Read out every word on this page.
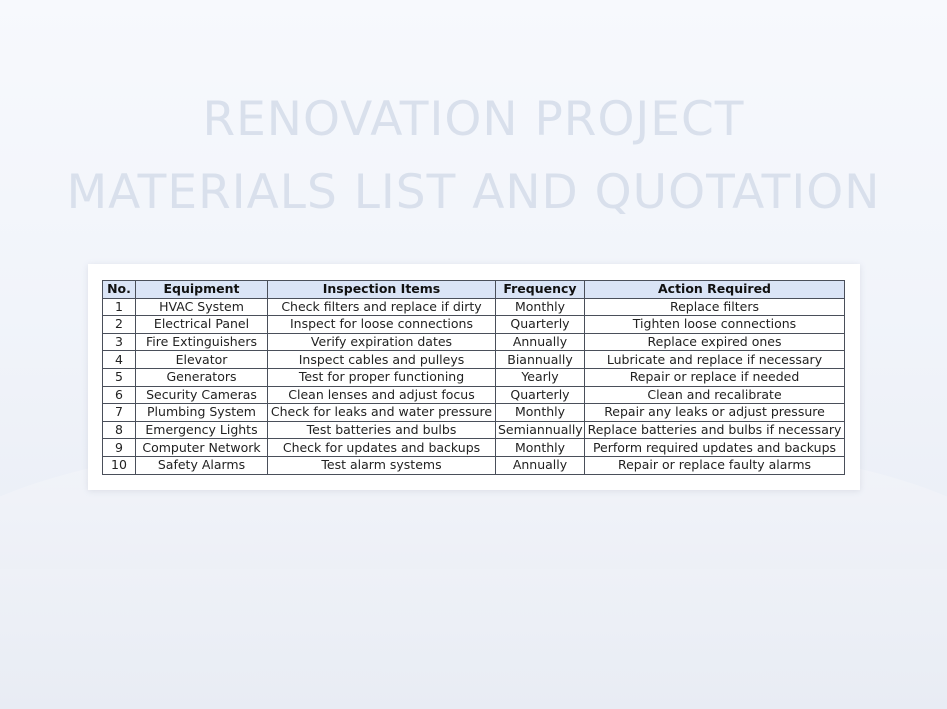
RENOVATION PROJECT
MATERIALS LIST AND QUOTATION
No.	Equipment	Inspection Items	Frequency	Action Required
1	HVAC System	Check filters and replace if dirty	Monthly	Replace filters
2	Electrical Panel	Inspect for loose connections	Quarterly	Tighten loose connections
3	Fire Extinguishers	Verify expiration dates	Annually	Replace expired ones
4	Elevator	Inspect cables and pulleys	Biannually	Lubricate and replace if necessary
5	Generators	Test for proper functioning	Yearly	Repair or replace if needed
6	Security Cameras	Clean lenses and adjust focus	Quarterly	Clean and recalibrate
7	Plumbing System	Check for leaks and water pressure	Monthly	Repair any leaks or adjust pressure
8	Emergency Lights	Test batteries and bulbs	Semiannually	Replace batteries and bulbs if necessary
9	Computer Network	Check for updates and backups	Monthly	Perform required updates and backups
10	Safety Alarms	Test alarm systems	Annually	Repair or replace faulty alarms
